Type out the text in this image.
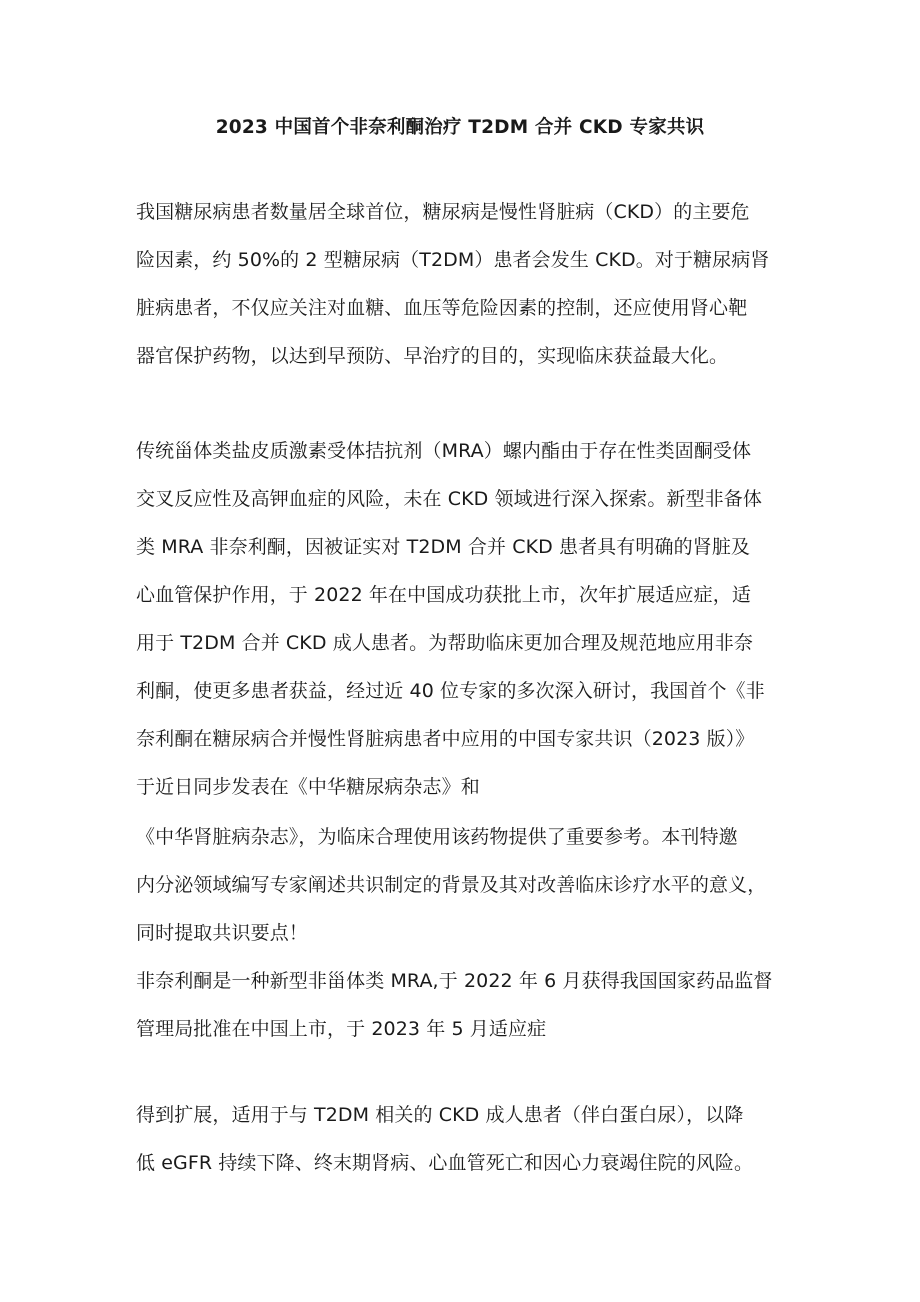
2023 中国首个非奈利酮治疗 T2DM 合并 CKD 专家共识
我国糖尿病患者数量居全球首位，糖尿病是慢性肾脏病（CKD）的主要危
险因素，约 50%的 2 型糖尿病（T2DM）患者会发生 CKD。对于糖尿病肾
脏病患者，不仅应关注对血糖、血压等危险因素的控制，还应使用肾心靶
器官保护药物，以达到早预防、早治疗的目的，实现临床获益最大化。
传统甾体类盐皮质激素受体拮抗剂（MRA）螺内酯由于存在性类固酮受体
交叉反应性及高钾血症的风险，未在 CKD 领域进行深入探索。新型非备体
类 MRA 非奈利酮，因被证实对 T2DM 合并 CKD 患者具有明确的肾脏及
心血管保护作用，于 2022 年在中国成功获批上市，次年扩展适应症，适
用于 T2DM 合并 CKD 成人患者。为帮助临床更加合理及规范地应用非奈
利酮，使更多患者获益，经过近 40 位专家的多次深入研讨，我国首个《非
奈利酮在糖尿病合并慢性肾脏病患者中应用的中国专家共识（2023 版）》
于近日同步发表在《中华糖尿病杂志》和
《中华肾脏病杂志》，为临床合理使用该药物提供了重要参考。本刊特邀
内分泌领域编写专家阐述共识制定的背景及其对改善临床诊疗水平的意义，
同时提取共识要点！
非奈利酮是一种新型非甾体类 MRA,于 2022 年 6 月获得我国国家药品监督
管理局批准在中国上市，于 2023 年 5 月适应症
得到扩展，适用于与 T2DM 相关的 CKD 成人患者（伴白蛋白尿），以降
低 eGFR 持续下降、终末期肾病、心血管死亡和因心力衰竭住院的风险。
